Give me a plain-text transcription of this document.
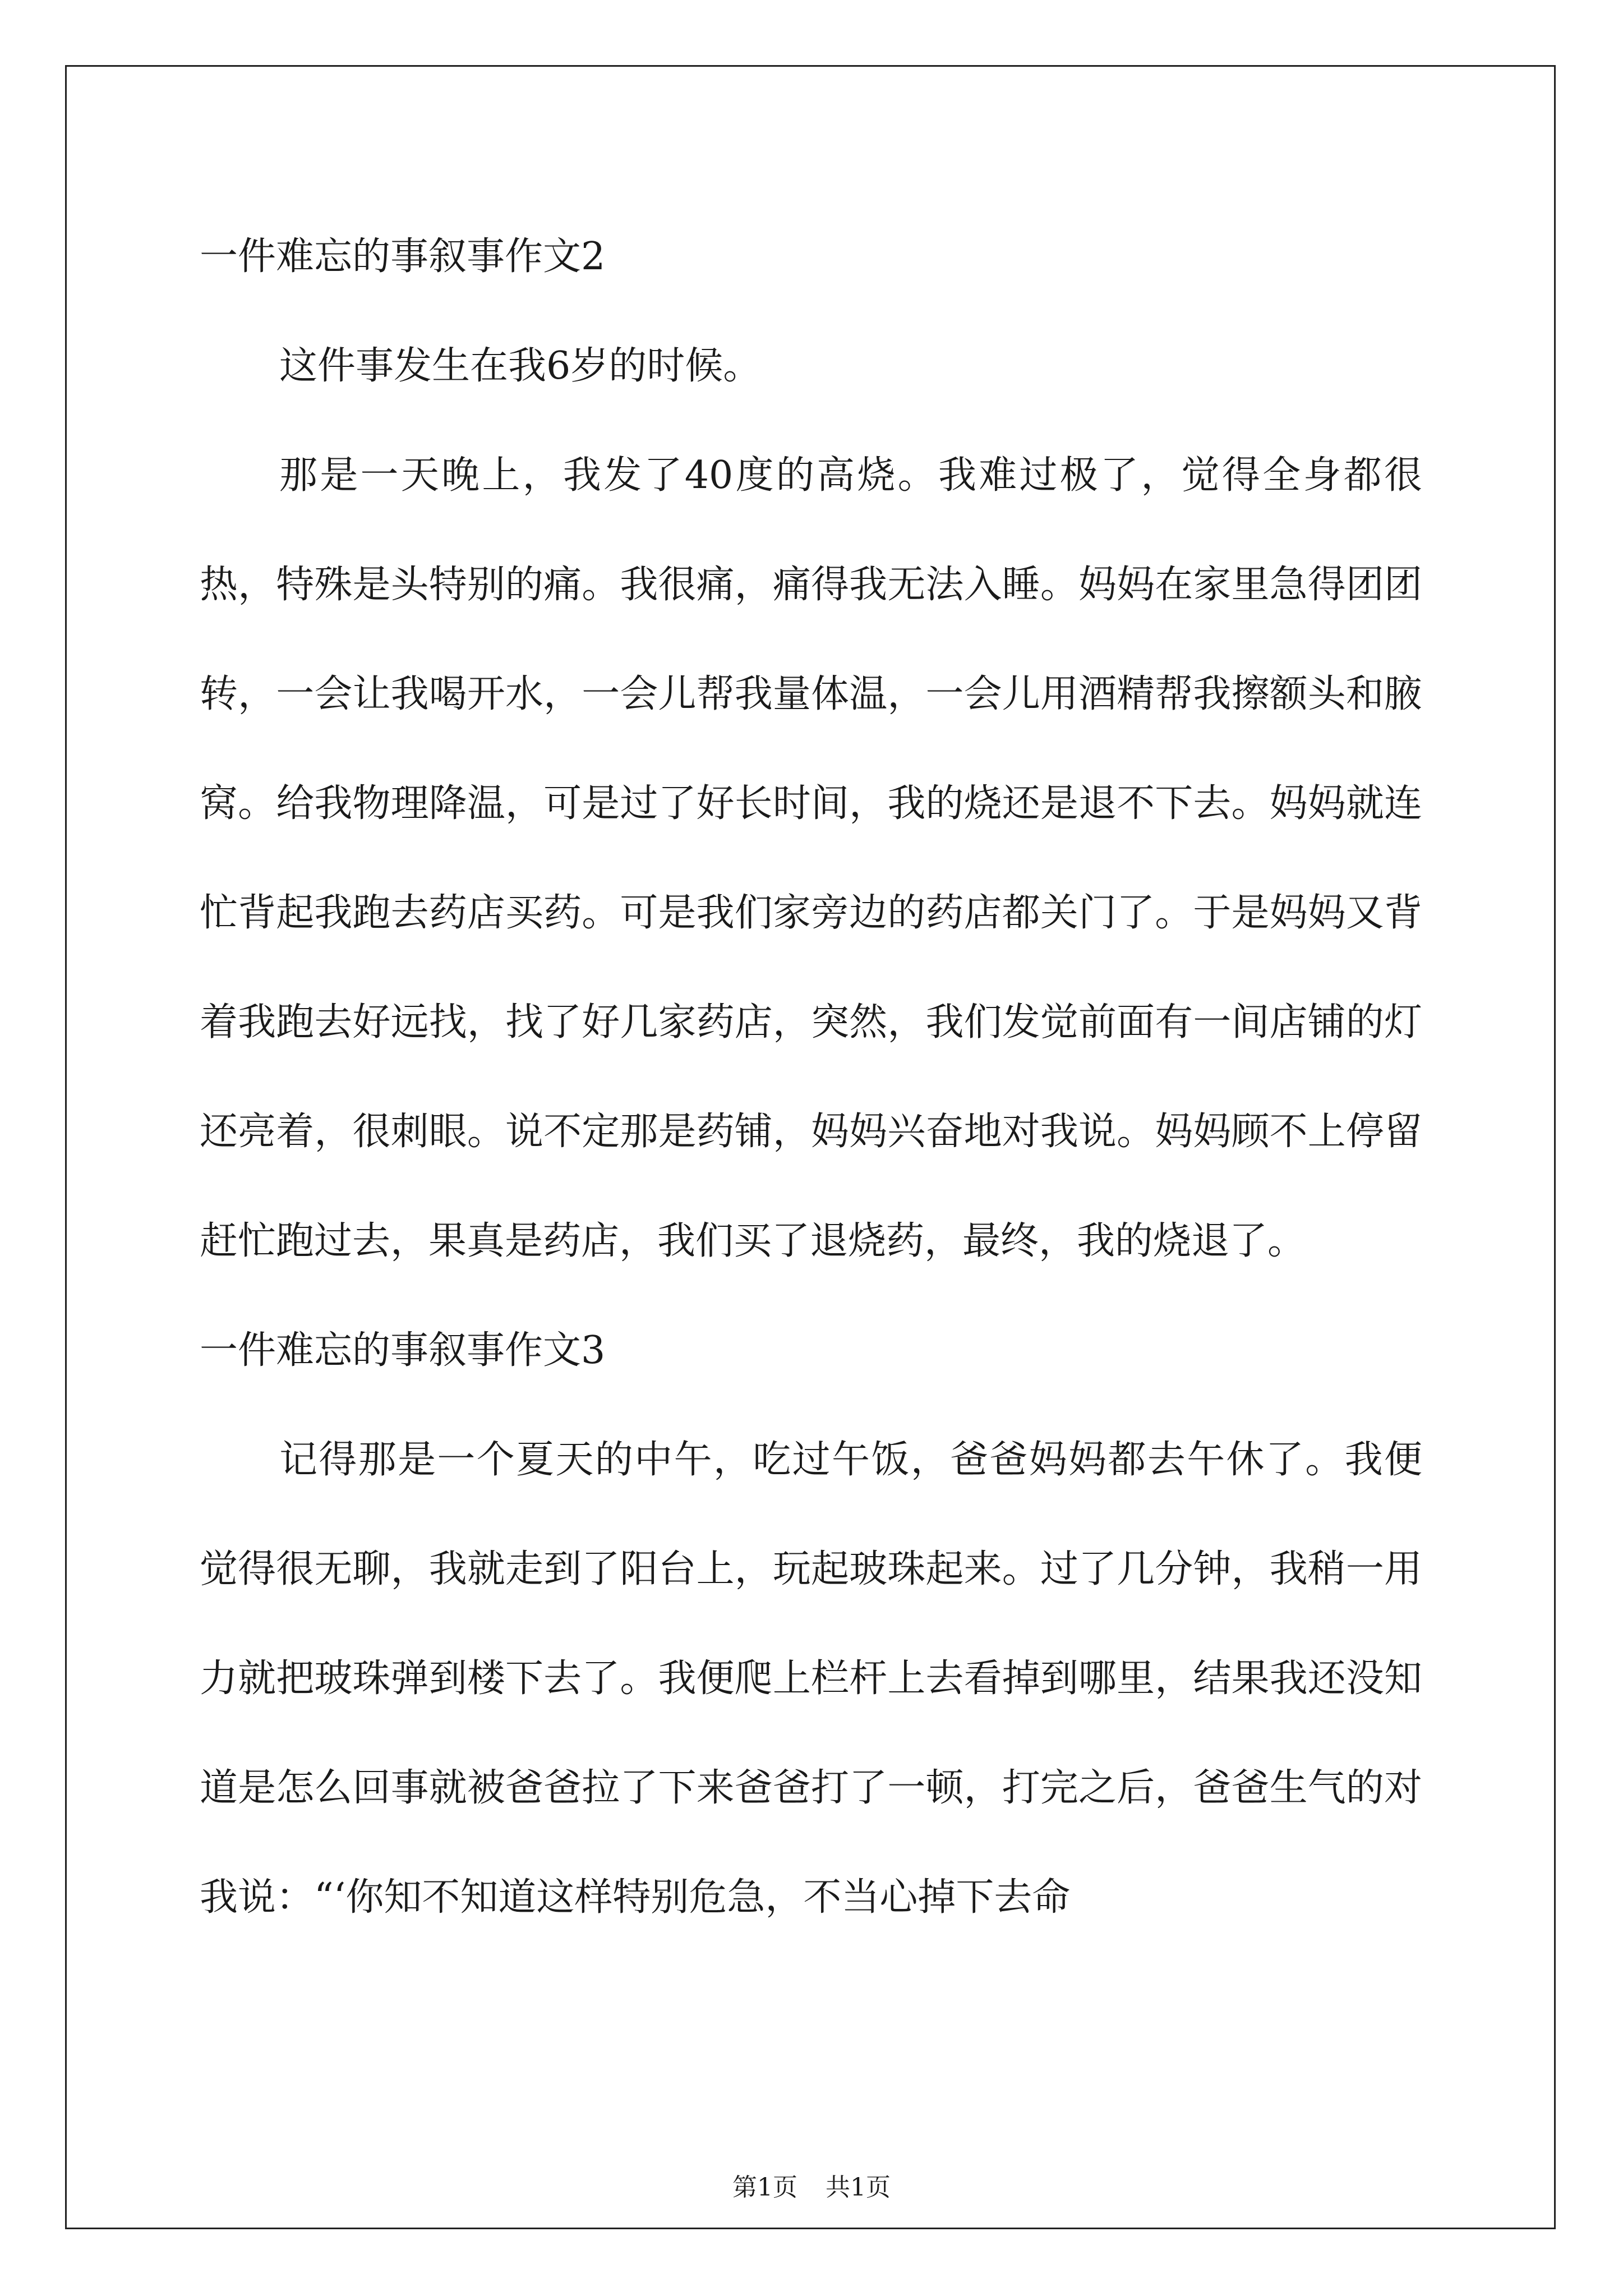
一件难忘的事叙事作文2

这件事发生在我6岁的时候。

那是一天晚上，我发了40度的高烧。我难过极了，觉得全身都很热，特殊是头特别的痛。我很痛，痛得我无法入睡。妈妈在家里急得团团转，一会让我喝开水，一会儿帮我量体温，一会儿用酒精帮我擦额头和腋窝。给我物理降温，可是过了好长时间，我的烧还是退不下去。妈妈就连忙背起我跑去药店买药。可是我们家旁边的药店都关门了。于是妈妈又背着我跑去好远找，找了好几家药店，突然，我们发觉前面有一间店铺的灯还亮着，很刺眼。说不定那是药铺，妈妈兴奋地对我说。妈妈顾不上停留赶忙跑过去，果真是药店，我们买了退烧药，最终，我的烧退了。

一件难忘的事叙事作文3

记得那是一个夏天的中午，吃过午饭，爸爸妈妈都去午休了。我便觉得很无聊，我就走到了阳台上，玩起玻珠起来。过了几分钟，我稍一用力就把玻珠弹到楼下去了。我便爬上栏杆上去看掉到哪里，结果我还没知道是怎么回事就被爸爸拉了下来爸爸打了一顿，打完之后，爸爸生气的对我说：“‘你知不知道这样特别危急，不当心掉下去命

第1页 共1页
